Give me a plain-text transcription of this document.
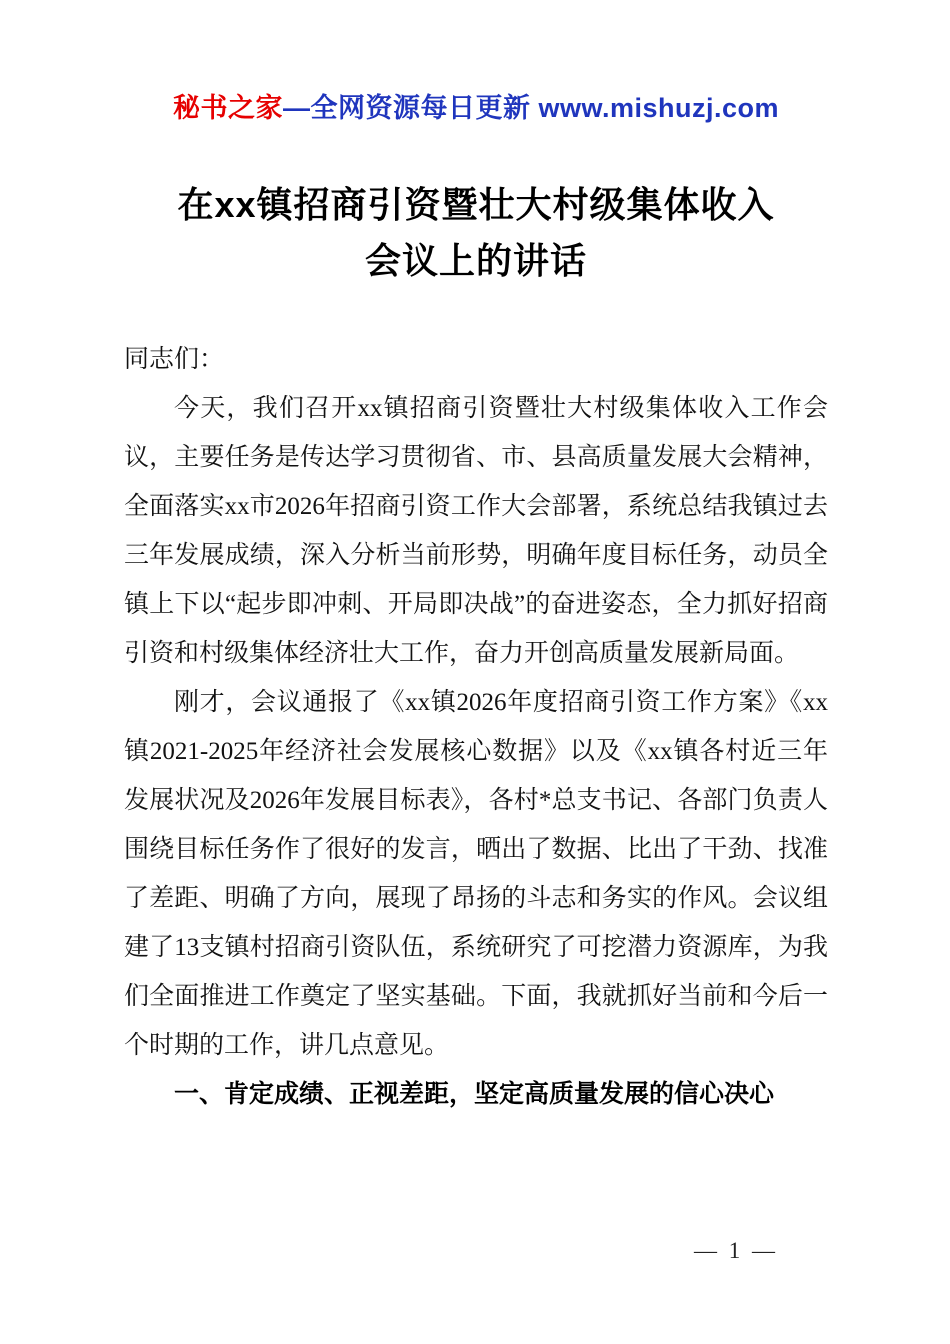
秘书之家—全网资源每日更新 www.mishuzj.com
在xx镇招商引资暨壮大村级集体收入
会议上的讲话

同志们：

今天，我们召开xx镇招商引资暨壮大村级集体收入工作会议，主要任务是传达学习贯彻省、市、县高质量发展大会精神，全面落实xx市2026年招商引资工作大会部署，系统总结我镇过去三年发展成绩，深入分析当前形势，明确年度目标任务，动员全镇上下以“起步即冲刺、开局即决战”的奋进姿态，全力抓好招商引资和村级集体经济壮大工作，奋力开创高质量发展新局面。

刚才，会议通报了《xx镇2026年度招商引资工作方案》《xx镇2021-2025年经济社会发展核心数据》以及《xx镇各村近三年发展状况及2026年发展目标表》，各村*总支书记、各部门负责人围绕目标任务作了很好的发言，晒出了数据、比出了干劲、找准了差距、明确了方向，展现了昂扬的斗志和务实的作风。会议组建了13支镇村招商引资队伍，系统研究了可挖潜力资源库，为我们全面推进工作奠定了坚实基础。下面，我就抓好当前和今后一个时期的工作，讲几点意见。

一、肯定成绩、正视差距，坚定高质量发展的信心决心

— 1 —
